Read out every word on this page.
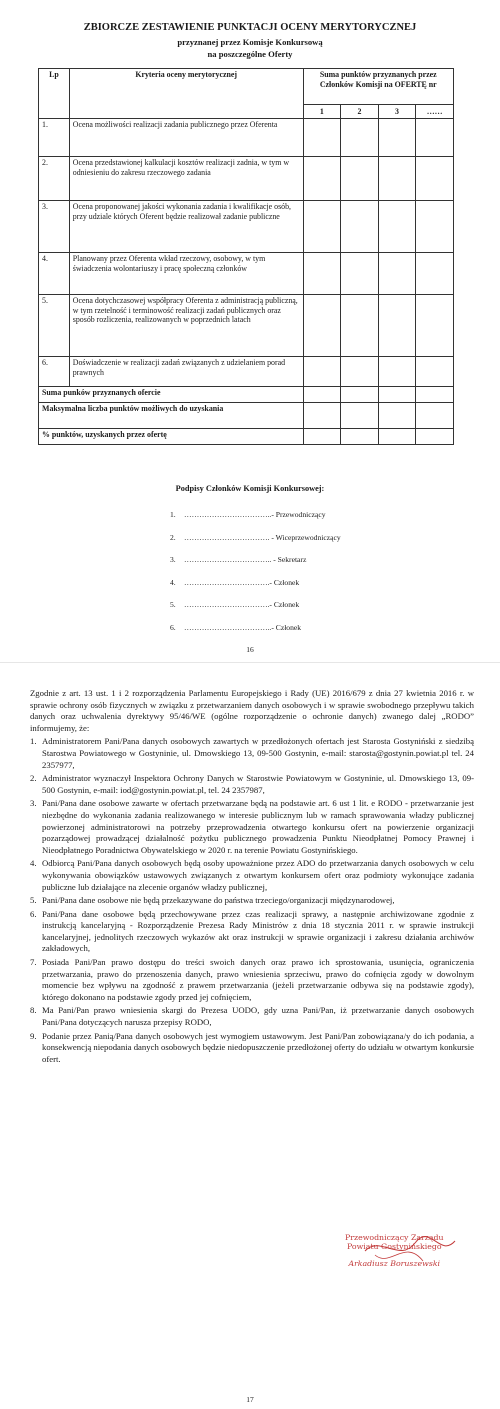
ZBIORCZE ZESTAWIENIE PUNKTACJI OCENY MERYTORYCZNEJ
przyznanej przez Komisje Konkursową
na poszczególne Oferty
Lp	Kryteria oceny merytorycznej	Suma punktów przyznanych przez Członków Komisji na OFERTĘ nr			
		1	2	3	……
1.	Ocena możliwości realizacji zadania publicznego przez Oferenta				
2.	Ocena przedstawionej kalkulacji kosztów realizacji zadnia, w tym w odniesieniu do zakresu rzeczowego zadania				
3.	Ocena proponowanej jakości wykonania zadania i kwalifikacje osób, przy udziale których Oferent będzie realizował zadanie publiczne				
4.	Planowany przez Oferenta wkład rzeczowy, osobowy, w tym świadczenia wolontariuszy i pracę społeczną członków				
5.	Ocena dotychczasowej współpracy Oferenta z administracją publiczną, w tym rzetelność i terminowość realizacji zadań publicznych oraz sposób rozliczenia, realizowanych w poprzednich latach				
6.	Doświadczenie w realizacji zadań związanych z udzielaniem porad prawnych				
Suma punków przyznanych ofercie					
Maksymalna liczba punktów możliwych do uzyskania					
% punktów, uzyskanych przez ofertę					
Podpisy Członków Komisji Konkursowej:
1. ……………………………..- Przewodniczący
2. ……………………………. - Wiceprzewodniczący
3. …………………………….. - Sekretarz
4. …………………………….- Członek
5. …………………………….- Członek
6. ……………………………..- Członek
16

Zgodnie z art. 13 ust. 1 i 2 rozporządzenia Parlamentu Europejskiego i Rady (UE) 2016/679 z dnia 27 kwietnia 2016 r. w sprawie ochrony osób fizycznych w związku z przetwarzaniem danych osobowych i w sprawie swobodnego przepływu takich danych oraz uchwalenia dyrektywy 95/46/WE (ogólne rozporządzenie o ochronie danych) zwanego dalej „RODO” informujemy, że:

1. Administratorem Pani/Pana danych osobowych zawartych w przedłożonych ofertach jest Starosta Gostyniński z siedzibą Starostwa Powiatowego w Gostyninie, ul. Dmowskiego 13, 09-500 Gostynin, e-mail: starosta@gostynin.powiat.pl tel. 24 2357977,
2. Administrator wyznaczył Inspektora Ochrony Danych w Starostwie Powiatowym w Gostyninie, ul. Dmowskiego 13, 09-500 Gostynin, e-mail: iod@gostynin.powiat.pl, tel. 24 2357987,
3. Pani/Pana dane osobowe zawarte w ofertach przetwarzane będą na podstawie art. 6 ust 1 lit. e RODO - przetwarzanie jest niezbędne do wykonania zadania realizowanego w interesie publicznym lub w ramach sprawowania władzy publicznej powierzonej administratorowi na potrzeby przeprowadzenia otwartego konkursu ofert na powierzenie organizacji pozarządowej prowadzącej działalność pożytku publicznego prowadzenia Punktu Nieodpłatnej Pomocy Prawnej i Nieodpłatnego Poradnictwa Obywatelskiego w 2020 r. na terenie Powiatu Gostynińskiego.
4. Odbiorcą Pani/Pana danych osobowych będą osoby upoważnione przez ADO do przetwarzania danych osobowych w celu wykonywania obowiązków ustawowych związanych z otwartym konkursem ofert oraz podmioty wykonujące zadania publiczne lub działające na zlecenie organów władzy publicznej,
5. Pani/Pana dane osobowe nie będą przekazywane do państwa trzeciego/organizacji międzynarodowej,
6. Pani/Pana dane osobowe będą przechowywane przez czas realizacji sprawy, a następnie archiwizowane zgodnie z instrukcją kancelaryjną - Rozporządzenie Prezesa Rady Ministrów z dnia 18 stycznia 2011 r. w sprawie instrukcji kancelaryjnej, jednolitych rzeczowych wykazów akt oraz instrukcji w sprawie organizacji i zakresu działania archiwów zakładowych,
7. Posiada Pani/Pan prawo dostępu do treści swoich danych oraz prawo ich sprostowania, usunięcia, ograniczenia przetwarzania, prawo do przenoszenia danych, prawo wniesienia sprzeciwu, prawo do cofnięcia zgody w dowolnym momencie bez wpływu na zgodność z prawem przetwarzania (jeżeli przetwarzanie odbywa się na podstawie zgody), którego dokonano na podstawie zgody przed jej cofnięciem,
8. Ma Pani/Pan prawo wniesienia skargi do Prezesa UODO, gdy uzna Pani/Pan, iż przetwarzanie danych osobowych Pani/Pana dotyczących narusza przepisy RODO,
9. Podanie przez Panią/Pana danych osobowych jest wymogiem ustawowym. Jest Pani/Pan zobowiązana/y do ich podania, a konsekwencją niepodania danych osobowych będzie niedopuszczenie przedłożonej oferty do udziału w otwartym konkursie ofert.
Przewodniczący Zarządu
Powiatu Gostynińskiego
Arkadiusz Boruszewski
17
